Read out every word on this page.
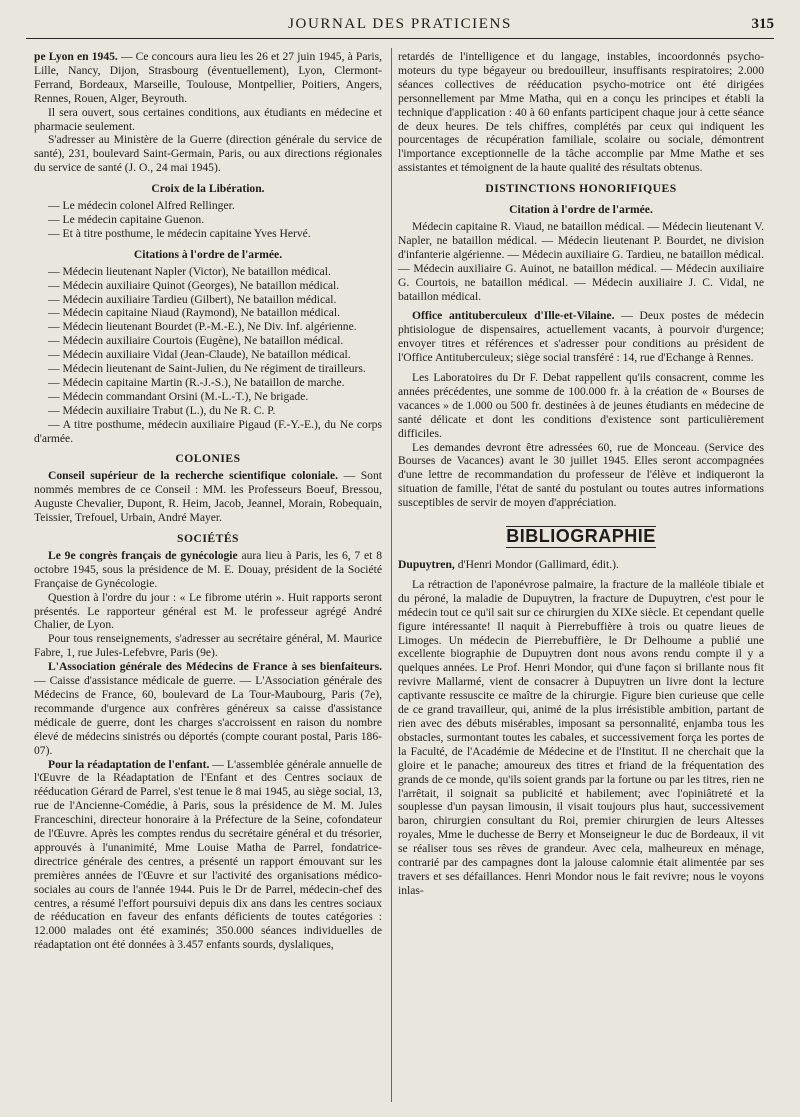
JOURNAL DES PRATICIENS	315

pe Lyon en 1945. — Ce concours aura lieu les 26 et 27 juin 1945, à Paris, Lille, Nancy, Dijon, Strasbourg (éventuellement), Lyon, Clermont-Ferrand, Bordeaux, Marseille, Toulouse, Montpellier, Poitiers, Angers, Rennes, Rouen, Alger, Beyrouth.

Il sera ouvert, sous certaines conditions, aux étudiants en médecine et pharmacie seulement.

S'adresser au Ministère de la Guerre (direction générale du service de santé), 231, boulevard Saint-Germain, Paris, ou aux directions régionales du service de santé (J. O., 24 mai 1945).

Croix de la Libération.

— Le médecin colonel Alfred Rellinger.

— Le médecin capitaine Guenon.

— Et à titre posthume, le médecin capitaine Yves Hervé.

Citations à l'ordre de l'armée.

— Médecin lieutenant Napler (Victor), Ne bataillon médical.

— Médecin auxiliaire Quinot (Georges), Ne bataillon médical.

— Médecin auxiliaire Tardieu (Gilbert), Ne bataillon médical.

— Médecin capitaine Niaud (Raymond), Ne bataillon médical.

— Médecin lieutenant Bourdet (P.-M.-E.), Ne Div. Inf. algérienne.

— Médecin auxiliaire Courtois (Eugène), Ne bataillon médical.

— Médecin auxiliaire Vidal (Jean-Claude), Ne bataillon médical.

— Médecin lieutenant de Saint-Julien, du Ne régiment de tirailleurs.

— Médecin capitaine Martin (R.-J.-S.), Ne bataillon de marche.

— Médecin commandant Orsini (M.-L.-T.), Ne brigade.

— Médecin auxiliaire Trabut (L.), du Ne R. C. P.

— A titre posthume, médecin auxiliaire Pigaud (F.-Y.-E.), du Ne corps d'armée.

COLONIES

Conseil supérieur de la recherche scientifique coloniale. — Sont nommés membres de ce Conseil : MM. les Professeurs Boeuf, Bressou, Auguste Chevalier, Dupont, R. Heim, Jacob, Jeannel, Morain, Robequain, Teissier, Trefouel, Urbain, André Mayer.

SOCIÉTÉS

Le 9e congrès français de gynécologie aura lieu à Paris, les 6, 7 et 8 octobre 1945, sous la présidence de M. E. Douay, président de la Société Française de Gynécologie.

Question à l'ordre du jour : « Le fibrome utérin ». Huit rapports seront présentés. Le rapporteur général est M. le professeur agrégé André Chalier, de Lyon.

Pour tous renseignements, s'adresser au secrétaire général, M. Maurice Fabre, 1, rue Jules-Lefebvre, Paris (9e).

L'Association générale des Médecins de France à ses bienfaiteurs. — Caisse d'assistance médicale de guerre. — L'Association générale des Médecins de France, 60, boulevard de La Tour-Maubourg, Paris (7e), recommande d'urgence aux confrères généreux sa caisse d'assistance médicale de guerre, dont les charges s'accroissent en raison du nombre élevé de médecins sinistrés ou déportés (compte courant postal, Paris 186-07).

Pour la réadaptation de l'enfant. — L'assemblée générale annuelle de l'Œuvre de la Réadaptation de l'Enfant et des Centres sociaux de rééducation Gérard de Parrel, s'est tenue le 8 mai 1945, au siège social, 13, rue de l'Ancienne-Comédie, à Paris, sous la présidence de M. M. Jules Franceschini, directeur honoraire à la Préfecture de la Seine, cofondateur de l'Œuvre. Après les comptes rendus du secrétaire général et du trésorier, approuvés à l'unanimité, Mme Louise Matha de Parrel, fondatrice-directrice générale des centres, a présenté un rapport émouvant sur les premières années de l'Œuvre et sur l'activité des organisations médico-sociales au cours de l'année 1944. Puis le Dr de Parrel, médecin-chef des centres, a résumé l'effort poursuivi depuis dix ans dans les centres sociaux de rééducation en faveur des enfants déficients de toutes catégories : 12.000 malades ont été examinés; 350.000 séances individuelles de réadaptation ont été données à 3.457 enfants sourds, dyslaliques,

retardés de l'intelligence et du langage, instables, incoordonnés psycho-moteurs du type bégayeur ou bredouilleur, insuffisants respiratoires; 2.000 séances collectives de rééducation psycho-motrice ont été dirigées personnellement par Mme Matha, qui en a conçu les principes et établi la technique d'application : 40 à 60 enfants participent chaque jour à cette séance de deux heures. De tels chiffres, complétés par ceux qui indiquent les pourcentages de récupération familiale, scolaire ou sociale, démontrent l'importance exceptionnelle de la tâche accomplie par Mme Mathe et ses assistantes et témoignent de la haute qualité des résultats obtenus.

DISTINCTIONS HONORIFIQUES
Citation à l'ordre de l'armée.

Médecin capitaine R. Viaud, ne bataillon médical. — Médecin lieutenant V. Napler, ne bataillon médical. — Médecin lieutenant P. Bourdet, ne division d'infanterie algérienne. — Médecin auxiliaire G. Tardieu, ne bataillon médical. — Médecin auxiliaire G. Auinot, ne bataillon médical. — Médecin auxiliaire G. Courtois, ne bataillon médical. — Médecin auxiliaire J. C. Vidal, ne bataillon médical.

Office antituberculeux d'Ille-et-Vilaine. — Deux postes de médecin phtisiologue de dispensaires, actuellement vacants, à pourvoir d'urgence; envoyer titres et références et s'adresser pour conditions au président de l'Office Antituberculeux; siège social transféré : 14, rue d'Echange à Rennes.

Les Laboratoires du Dr F. Debat rappellent qu'ils consacrent, comme les années précédentes, une somme de 100.000 fr. à la création de « Bourses de vacances » de 1.000 ou 500 fr. destinées à de jeunes étudiants en médecine de santé délicate et dont les conditions d'existence sont particulièrement difficiles.

Les demandes devront être adressées 60, rue de Monceau. (Service des Bourses de Vacances) avant le 30 juillet 1945. Elles seront accompagnées d'une lettre de recommandation du professeur de l'élève et indiqueront la situation de famille, l'état de santé du postulant ou toutes autres informations susceptibles de servir de moyen d'appréciation.

BIBLIOGRAPHIE

Dupuytren, d'Henri Mondor (Gallimard, édit.).

La rétraction de l'aponévrose palmaire, la fracture de la malléole tibiale et du péroné, la maladie de Dupuytren, la fracture de Dupuytren, c'est pour le médecin tout ce qu'il sait sur ce chirurgien du XIXe siècle. Et cependant quelle figure intéressante! Il naquit à Pierrebuffière à trois ou quatre lieues de Limoges. Un médecin de Pierrebuffière, le Dr Delhoume a publié une excellente biographie de Dupuytren dont nous avons rendu compte il y a quelques années. Le Prof. Henri Mondor, qui d'une façon si brillante nous fit revivre Mallarmé, vient de consacrer à Dupuytren un livre dont la lecture captivante ressuscite ce maître de la chirurgie. Figure bien curieuse que celle de ce grand travailleur, qui, animé de la plus irrésistible ambition, partant de rien avec des débuts misérables, imposant sa personnalité, enjamba tous les obstacles, surmontant toutes les cabales, et successivement força les portes de la Faculté, de l'Académie de Médecine et de l'Institut. Il ne cherchait que la gloire et le panache; amoureux des titres et friand de la fréquentation des grands de ce monde, qu'ils soient grands par la fortune ou par les titres, rien ne l'arrêtait, il soignait sa publicité et habilement; avec l'opiniâtreté et la souplesse d'un paysan limousin, il visait toujours plus haut, successivement baron, chirurgien consultant du Roi, premier chirurgien de leurs Altesses royales, Mme le duchesse de Berry et Monseigneur le duc de Bordeaux, il vit se réaliser tous ses rêves de grandeur. Avec cela, malheureux en ménage, contrarié par des campagnes dont la jalouse calomnie était alimentée par ses travers et ses défaillances. Henri Mondor nous le fait revivre; nous le voyons inlas-
